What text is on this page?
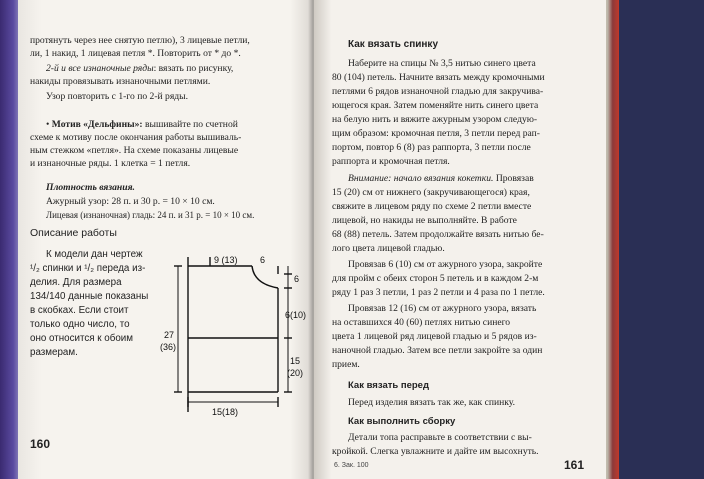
протянуть через нее снятую петлю), 3 лицевые петли,
ли, 1 накид, 1 лицевая петля *. Повторить от * до *.
2-й и все изнаночные ряды: вязать по рисунку,
накиды провязывать изнаночными петлями.
Узор повторить с 1-го по 2-й ряды.
• Мотив «Дельфины»: вышивайте по счетной
схеме к мотиву после окончания работы вышиваль-
ным стежком «петля». На схеме показаны лицевые
и изнаночные ряды. 1 клетка = 1 петля.
Плотность вязания.
Ажурный узор: 28 п. и 30 р. = 10 × 10 см.
Лицевая (изнаночная) гладь: 24 п. и 31 р. = 10 × 10 см.
Описание работы
К модели дан чертеж
¹/₂ спинки и ¹/₂ переда из-
делия. Для размера
134/140 данные показаны
в скобках. Если стоит
только одно число, то
оно относится к обоим
размерам.
9 (13) 6
6
6(10)
27
(36)
15
(20)
15(18)
160
Как вязать спинку
Наберите на спицы № 3,5 нитью синего цвета
80 (104) петель. Начните вязать между кромочными
петлями 6 рядов изнаночной гладью для закручива-
ющегося края. Затем поменяйте нить синего цвета
на белую нить и вяжите ажурным узором следую-
щим образом: кромочная петля, 3 петли перед рап-
портом, повтор 6 (8) раз раппорта, 3 петли после
раппорта и кромочная петля.
Внимание: начало вязания кокетки. Провязав
15 (20) см от нижнего (закручивающегося) края,
свяжите в лицевом ряду по схеме 2 петли вместе
лицевой, но накиды не выполняйте. В работе
68 (88) петель. Затем продолжайте вязать нитью бе-
лого цвета лицевой гладью.
Провязав 6 (10) см от ажурного узора, закройте
для пройм с обеих сторон 5 петель и в каждом 2-м
ряду 1 раз 3 петли, 1 раз 2 петли и 4 раза по 1 петле.
Провязав 12 (16) см от ажурного узора, вязать
на оставшихся 40 (60) петлях нитью синего
цвета 1 лицевой ряд лицевой гладью и 5 рядов из-
наночной гладью. Затем все петли закройте за один
прием.
Как вязать перед
Перед изделия вязать так же, как спинку.
Как выполнить сборку
Детали топа расправьте в соответствии с вы-
кройкой. Слегка увлажните и дайте им высохнуть.
6. Зак. 100	161
